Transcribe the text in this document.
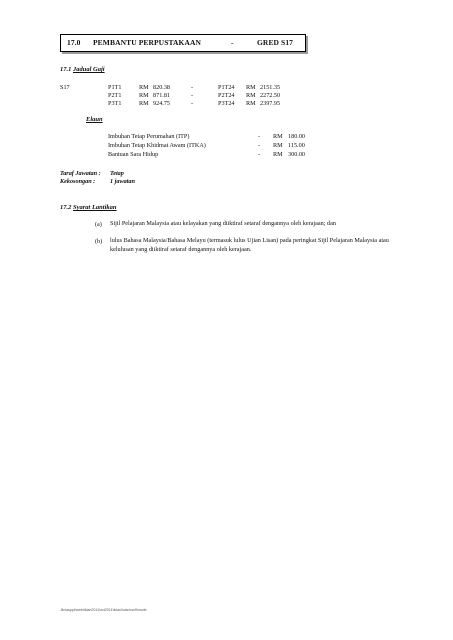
17.0 PEMBANTU PERPUSTAKAAN	-	GRED S17
17.1 Jadual Gaji
S17	P1T1	RM 820.38	-	P1T24 RM 2151.35
P2T1	RM 871.81	-	P2T24 RM 2272.50
P3T1	RM 924.75	-	P3T24 RM 2397.95
Elaun
Imbuhan Tetap Perumahan (ITP)	- RM 180.00
Imbuhan Tetap Khidmat Awam (ITKA)	- RM 115.00
Bantuan Sara Hidup	- RM 300.00
Taraf Jawatan : Tetap
Kekosongan : 1 jawatan
17.2 Syarat Lantikan
(a) Sijil Pelajaran Malaysia atau kelayakan yang diiktiraf setaraf dengannya oleh kerajaan; dan
(b) lulus Bahasa Malaysia/Bahasa Melayu (termasuk lulus Ujian Lisan) pada peringkat Sijil Pelajaran Malaysia atau kelulusan yang diiktiraf setaraf dengannya oleh kerajaan.
Jkn\suppt\web\iklan2011\oct2011\iklan\lulan\no9\mode
